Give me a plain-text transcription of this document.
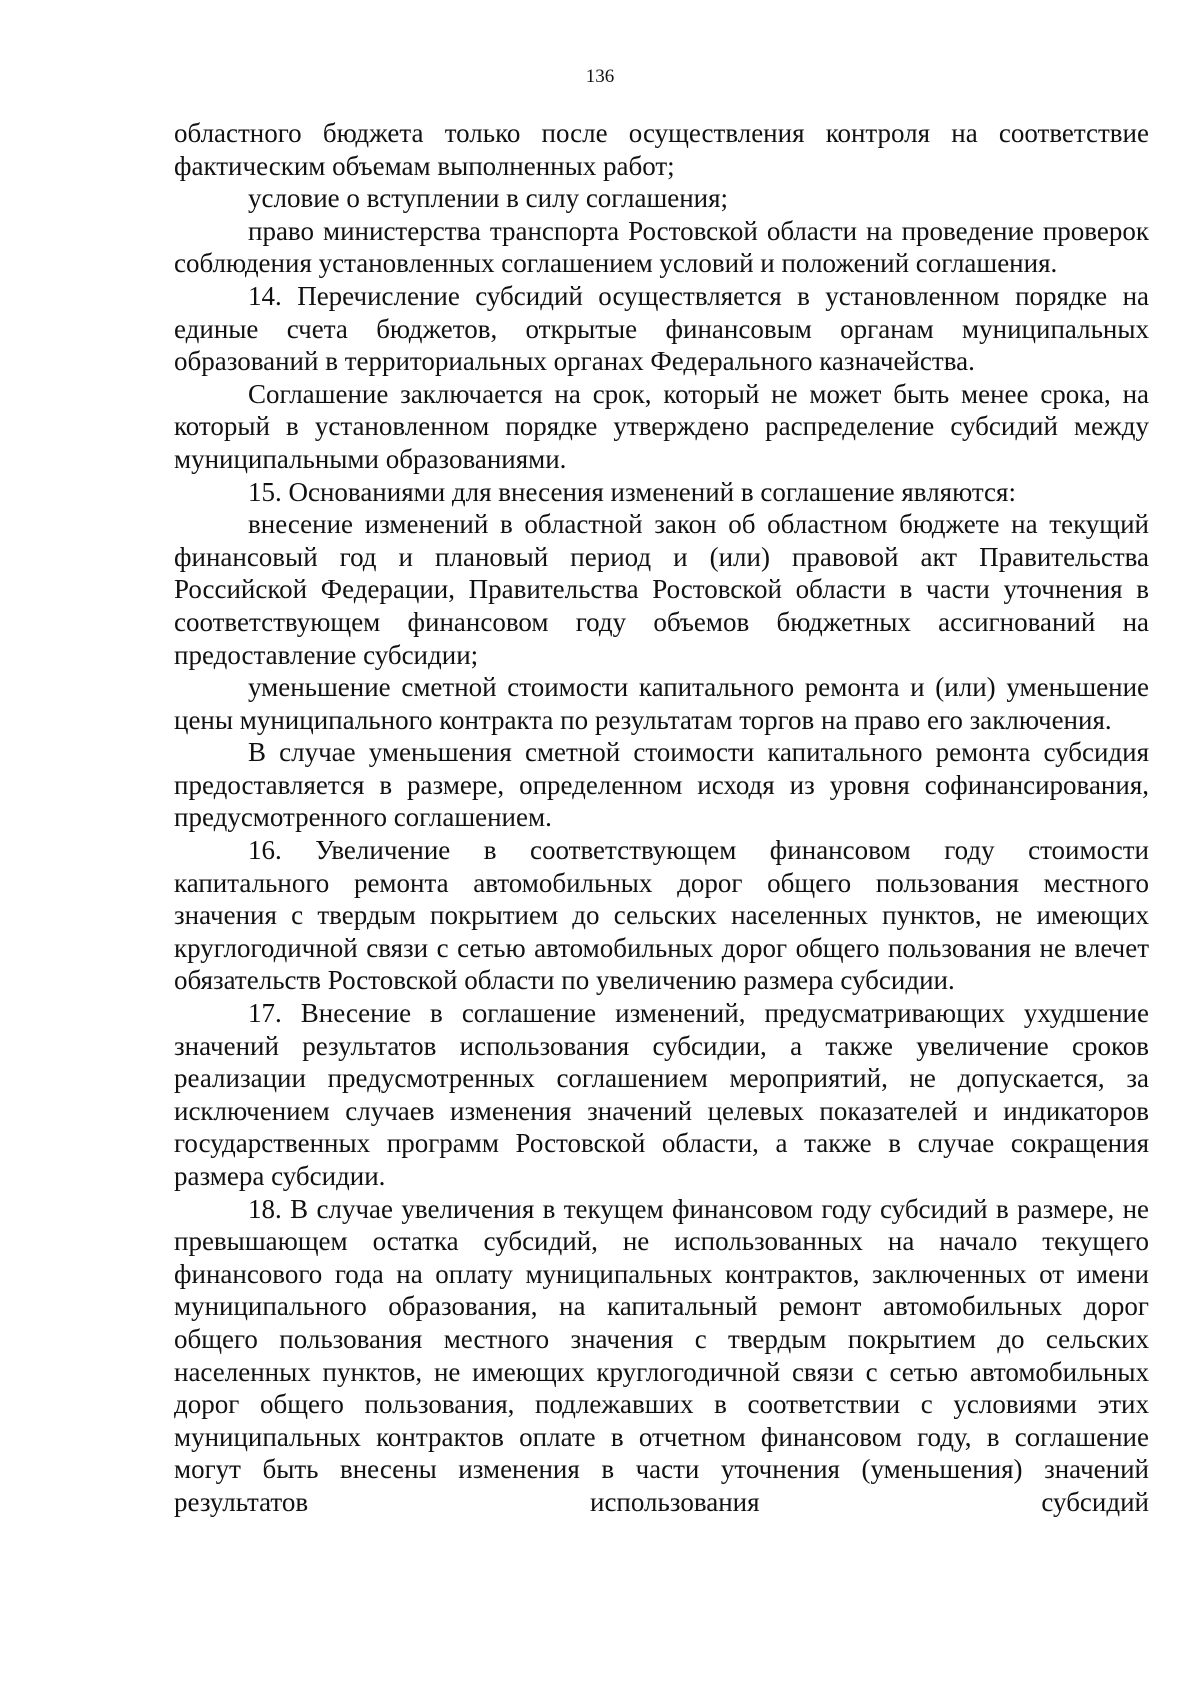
136

областного бюджета только после осуществления контроля на соответствие фактическим объемам выполненных работ;

условие о вступлении в силу соглашения;

право министерства транспорта Ростовской области на проведение проверок соблюдения установленных соглашением условий и положений соглашения.

14. Перечисление субсидий осуществляется в установленном порядке на единые счета бюджетов, открытые финансовым органам муниципальных образований в территориальных органах Федерального казначейства.

Соглашение заключается на срок, который не может быть менее срока, на который в установленном порядке утверждено распределение субсидий между муниципальными образованиями.

15. Основаниями для внесения изменений в соглашение являются:

внесение изменений в областной закон об областном бюджете на текущий финансовый год и плановый период и (или) правовой акт Правительства Российской Федерации, Правительства Ростовской области в части уточнения в соответствующем финансовом году объемов бюджетных ассигнований на предоставление субсидии;

уменьшение сметной стоимости капитального ремонта и (или) уменьшение цены муниципального контракта по результатам торгов на право его заключения.

В случае уменьшения сметной стоимости капитального ремонта субсидия предоставляется в размере, определенном исходя из уровня софинансирования, предусмотренного соглашением.

16. Увеличение в соответствующем финансовом году стоимости капитального ремонта автомобильных дорог общего пользования местного значения с твердым покрытием до сельских населенных пунктов, не имеющих круглогодичной связи с сетью автомобильных дорог общего пользования не влечет обязательств Ростовской области по увеличению размера субсидии.

17. Внесение в соглашение изменений, предусматривающих ухудшение значений результатов использования субсидии, а также увеличение сроков реализации предусмотренных соглашением мероприятий, не допускается, за исключением случаев изменения значений целевых показателей и индикаторов государственных программ Ростовской области, а также в случае сокращения размера субсидии.

18. В случае увеличения в текущем финансовом году субсидий в размере, не превышающем остатка субсидий, не использованных на начало текущего финансового года на оплату муниципальных контрактов, заключенных от имени муниципального образования, на капитальный ремонт автомобильных дорог общего пользования местного значения с твердым покрытием до сельских населенных пунктов, не имеющих круглогодичной связи с сетью автомобильных дорог общего пользования, подлежавших в соответствии с условиями этих муниципальных контрактов оплате в отчетном финансовом году, в соглашение могут быть внесены изменения в части уточнения (уменьшения) значений результатов использования субсидий
